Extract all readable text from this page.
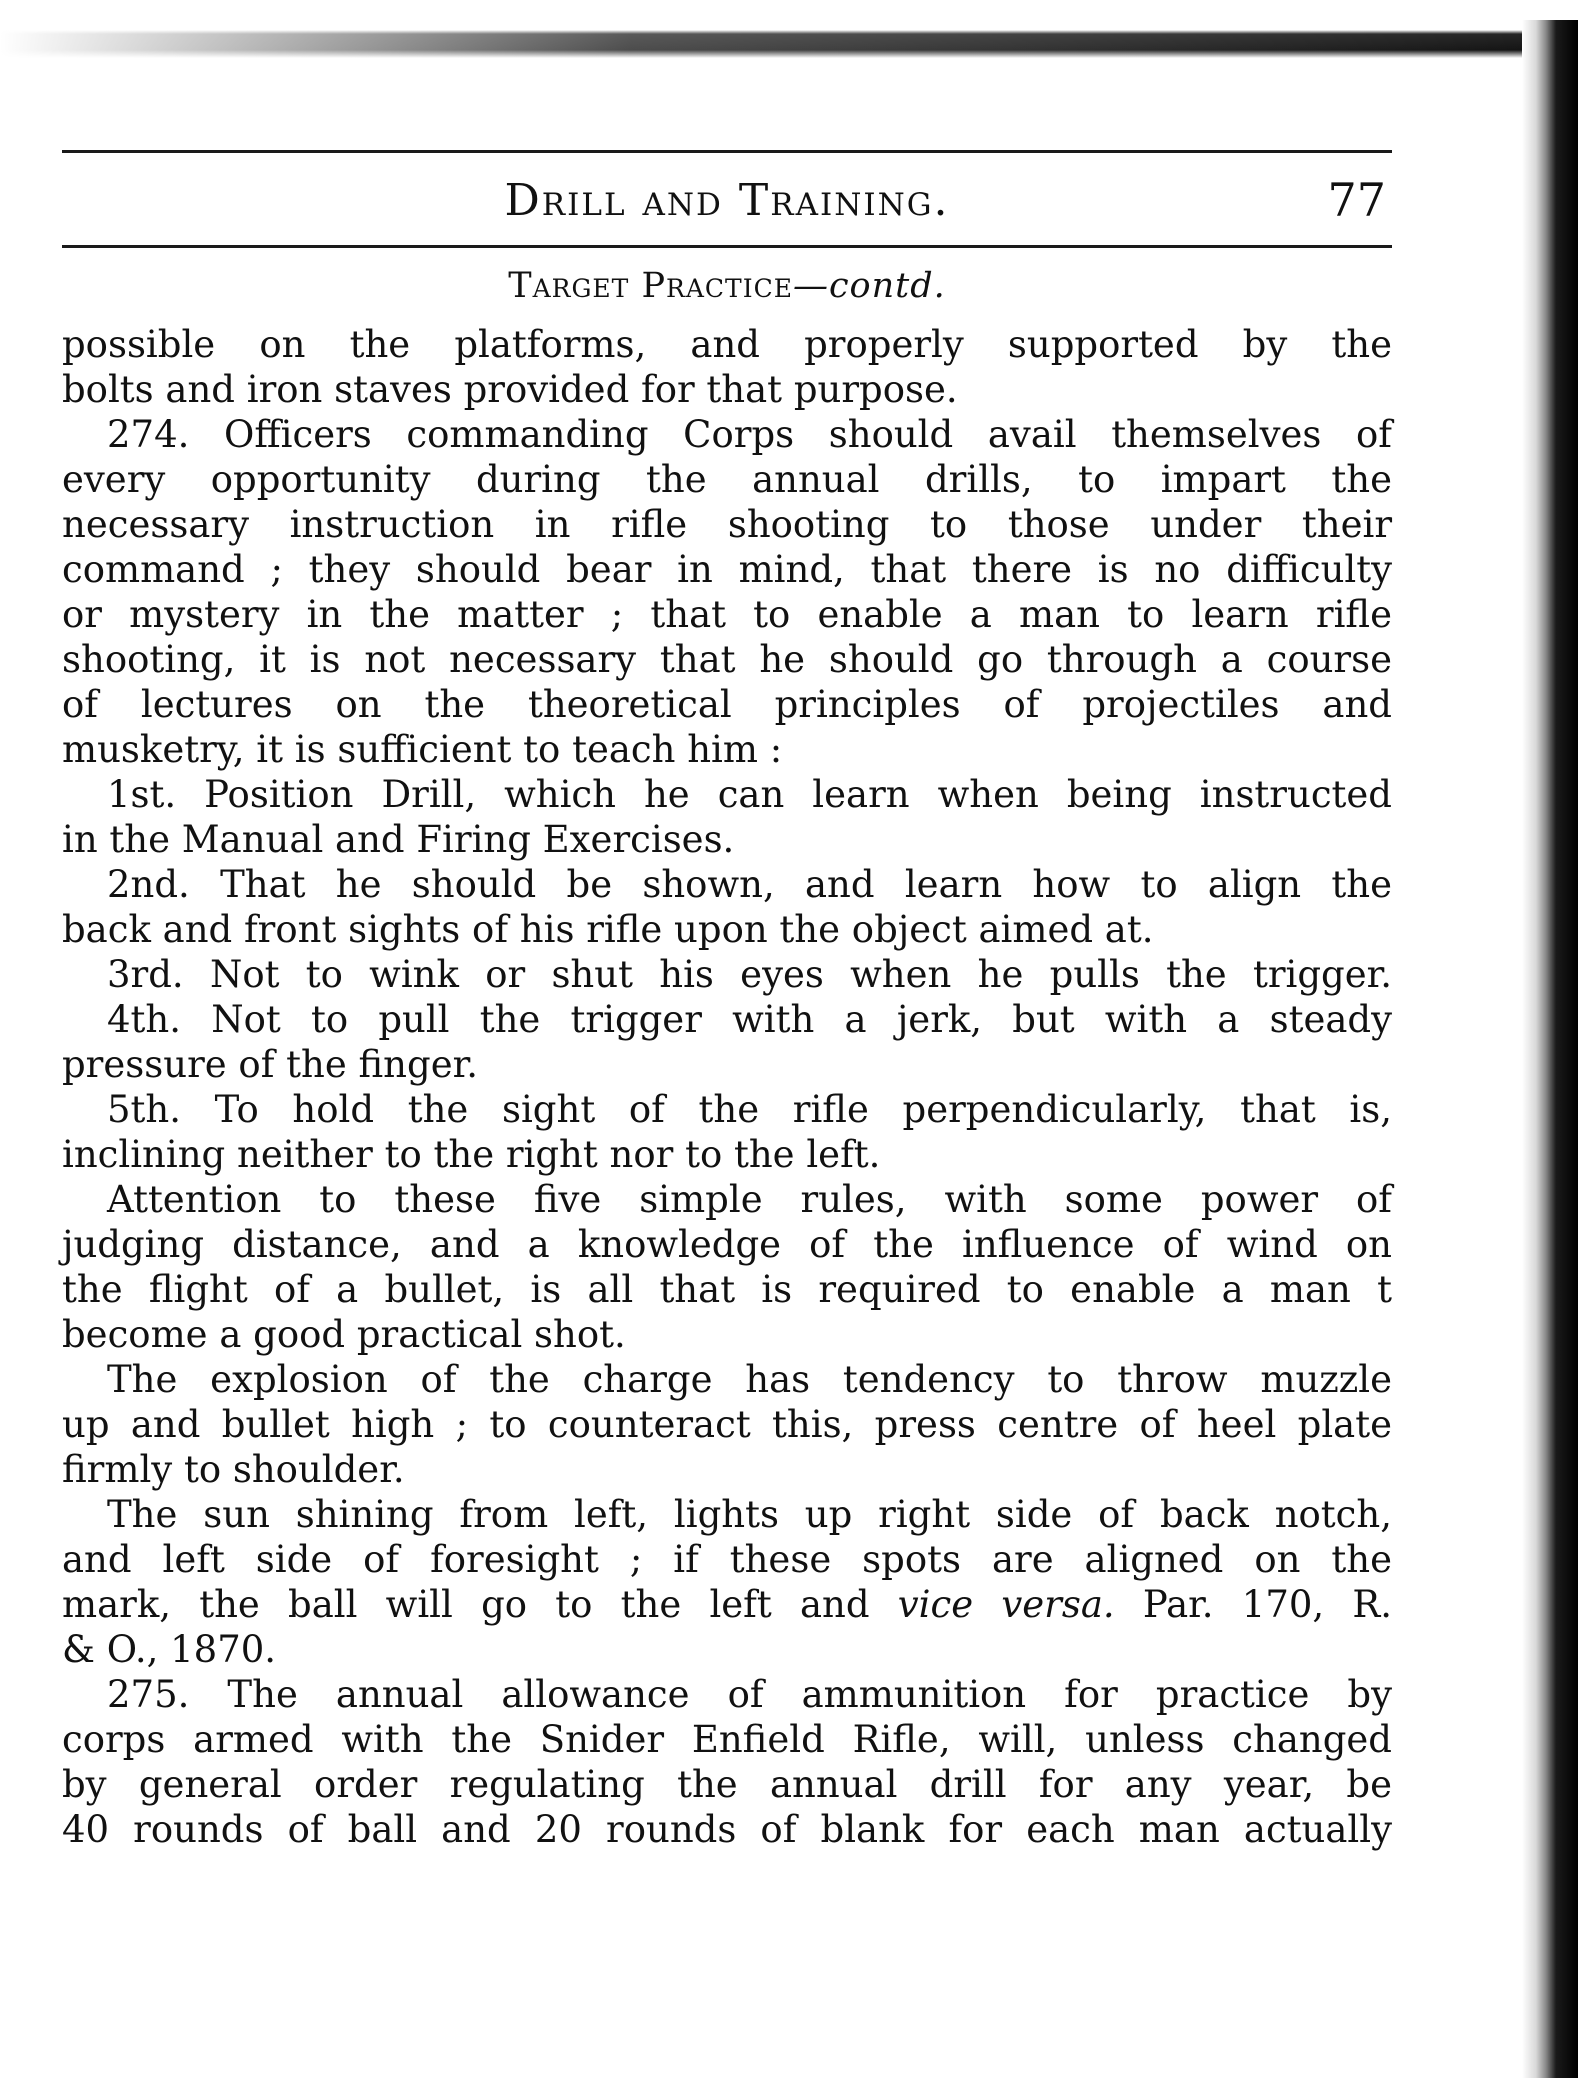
Drill and Training.	77
Target Practice—contd.
possible on the platforms, and properly supported by the
bolts and iron staves provided for that purpose.
274. Officers commanding Corps should avail themselves of
every opportunity during the annual drills, to impart the
necessary instruction in rifle shooting to those under their
command ; they should bear in mind, that there is no difficulty
or mystery in the matter ; that to enable a man to learn rifle
shooting, it is not necessary that he should go through a course
of lectures on the theoretical principles of projectiles and
musketry, it is sufficient to teach him :
1st. Position Drill, which he can learn when being instructed
in the Manual and Firing Exercises.
2nd. That he should be shown, and learn how to align the
back and front sights of his rifle upon the object aimed at.
3rd. Not to wink or shut his eyes when he pulls the trigger.
4th. Not to pull the trigger with a jerk, but with a steady
pressure of the finger.
5th. To hold the sight of the rifle perpendicularly, that is,
inclining neither to the right nor to the left.
Attention to these five simple rules, with some power of
judging distance, and a knowledge of the influence of wind on
the flight of a bullet, is all that is required to enable a man t
become a good practical shot.
The explosion of the charge has tendency to throw muzzle
up and bullet high ; to counteract this, press centre of heel plate
firmly to shoulder.
The sun shining from left, lights up right side of back notch,
and left side of foresight ; if these spots are aligned on the
mark, the ball will go to the left and vice versa. Par. 170, R.
& O., 1870.
275. The annual allowance of ammunition for practice by
corps armed with the Snider Enfield Rifle, will, unless changed
by general order regulating the annual drill for any year, be
40 rounds of ball and 20 rounds of blank for each man actually
